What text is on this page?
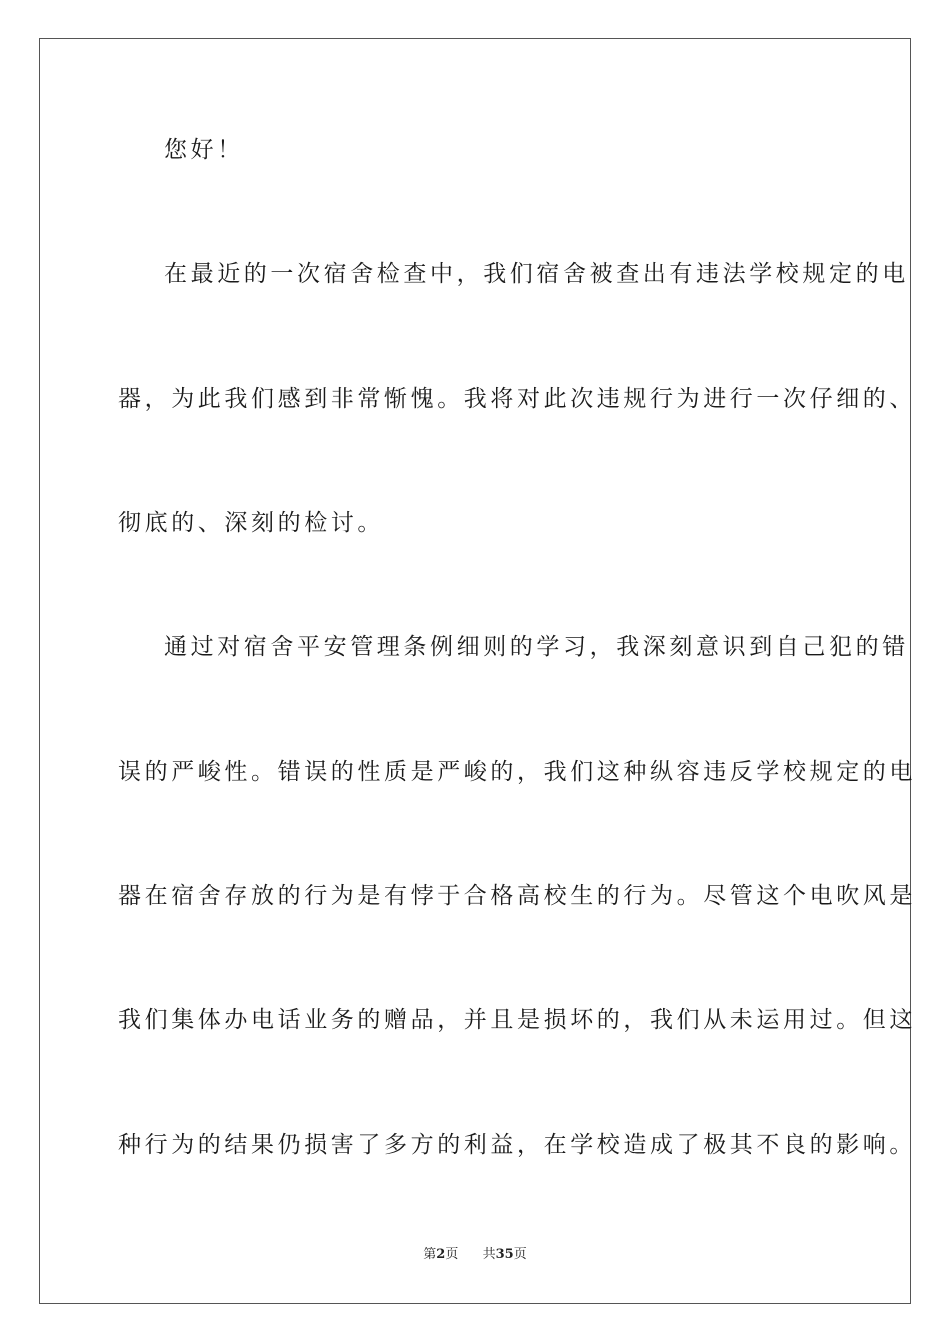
您好！

在最近的一次宿舍检查中，我们宿舍被查出有违法学校规定的电

器，为此我们感到非常惭愧。我将对此次违规行为进行一次仔细的、

彻底的、深刻的检讨。

通过对宿舍平安管理条例细则的学习，我深刻意识到自己犯的错

误的严峻性。错误的性质是严峻的，我们这种纵容违反学校规定的电

器在宿舍存放的行为是有悖于合格高校生的行为。尽管这个电吹风是

我们集体办电话业务的赠品，并且是损坏的，我们从未运用过。但这

种行为的结果仍损害了多方的利益，在学校造成了极其不良的影响。

第2页 共35页
